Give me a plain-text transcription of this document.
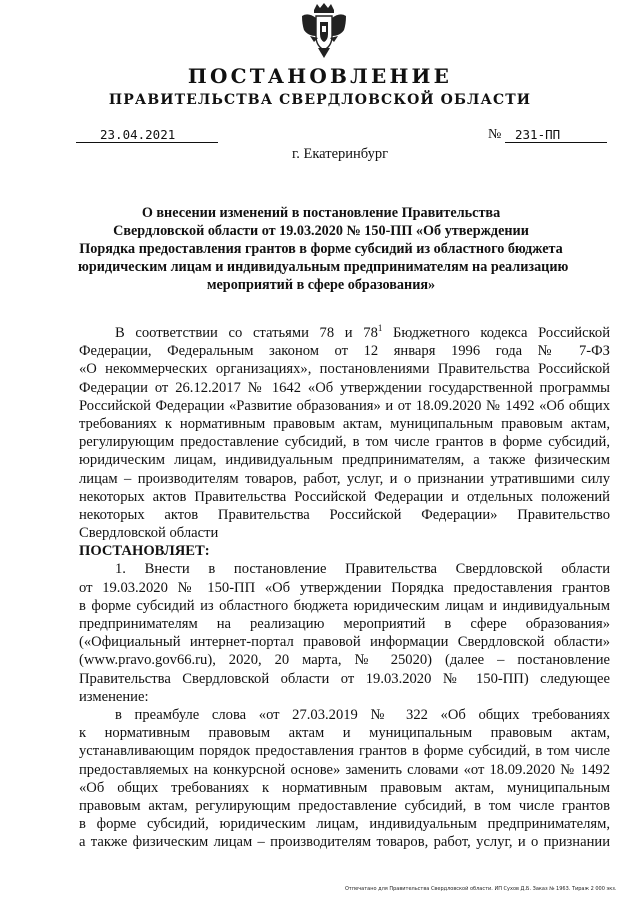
ПОСТАНОВЛЕНИЕ
ПРАВИТЕЛЬСТВА СВЕРДЛОВСКОЙ ОБЛАСТИ
23.04.2021	№	231-ПП
г. Екатеринбург
О внесении изменений в постановление Правительства
Свердловской области от 19.03.2020 № 150-ПП «Об утверждении
Порядка предоставления грантов в форме субсидий из областного бюджета
юридическим лицам и индивидуальным предпринимателям на реализацию
мероприятий в сфере образования»
В соответствии со статьями 78 и $78^1$ Бюджетного кодекса Российской
Федерации, Федеральным законом от 12 января 1996 года № 7-ФЗ
«О некоммерческих организациях», постановлениями Правительства Российской
Федерации от 26.12.2017 № 1642 «Об утверждении государственной программы
Российской Федерации «Развитие образования» и от 18.09.2020 № 1492 «Об общих
требованиях к нормативным правовым актам, муниципальным правовым актам,
регулирующим предоставление субсидий, в том числе грантов в форме субсидий,
юридическим лицам, индивидуальным предпринимателям, а также физическим
лицам – производителям товаров, работ, услуг, и о признании утратившими силу
некоторых актов Правительства Российской Федерации и отдельных положений
некоторых актов Правительства Российской Федерации» Правительство
Свердловской области
ПОСТАНОВЛЯЕТ:
1. Внести в постановление Правительства Свердловской области
от 19.03.2020 № 150-ПП «Об утверждении Порядка предоставления грантов
в форме субсидий из областного бюджета юридическим лицам и индивидуальным
предпринимателям на реализацию мероприятий в сфере образования»
(«Официальный интернет-портал правовой информации Свердловской области»
(www.pravo.gov66.ru), 2020, 20 марта, № 25020) (далее – постановление
Правительства Свердловской области от 19.03.2020 № 150-ПП) следующее
изменение:
в преамбуле слова «от 27.03.2019 № 322 «Об общих требованиях
к нормативным правовым актам и муниципальным правовым актам,
устанавливающим порядок предоставления грантов в форме субсидий, в том числе
предоставляемых на конкурсной основе» заменить словами «от 18.09.2020 № 1492
«Об общих требованиях к нормативным правовым актам, муниципальным
правовым актам, регулирующим предоставление субсидий, в том числе грантов
в форме субсидий, юридическим лицам, индивидуальным предпринимателям,
а также физическим лицам – производителям товаров, работ, услуг, и о признании
Отпечатано для Правительства Свердловской области. ИП Сухов Д.Б. Заказ № 1963. Тираж 2 000 экз.
